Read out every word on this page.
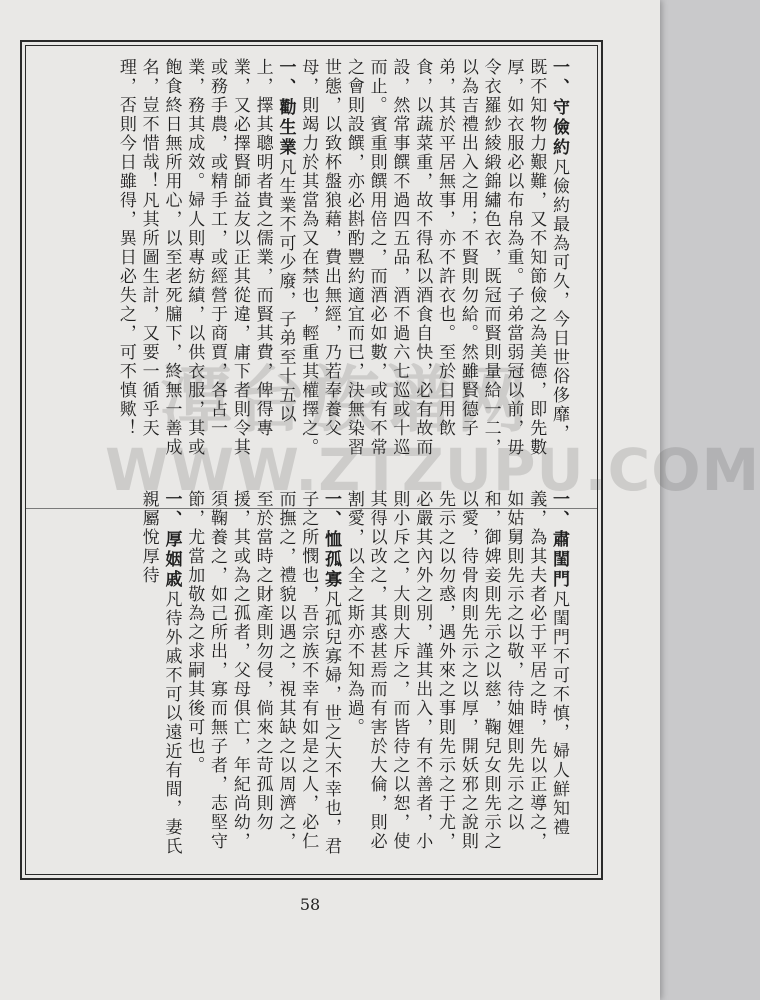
一、守儉約凡儉約最為可久，今日世俗侈靡，既不知物力艱難，又不知節儉之為美德，即先數厚，如衣服必以布帛為重。子弟當弱冠以前，毋令衣羅紗綾緞錦繡色衣，既冠而賢則量給一二，以為吉禮出入之用；不賢則勿給。然雖賢德子弟，其於平居無事，亦不許衣也。至於日用飲食，以蔬菜重，故不得私以酒食自快，必有故而設，然常事饌不過四五品，酒不過六七巡或十巡而止。賓重則饌用倍之，而酒必如數，或有不常之會則設饌，亦必斟酌豐約適宜而已，決無染習世態，以致杯盤狼藉，費出無經，乃若奉養父母，則竭力於其當為又在禁也，輕重其權擇之。
一、勸生業凡生業不可少廢，子弟至十五以上，擇其聰明者貴之儒業，而賢其費，俾得專業，又必擇賢師益友以正其從違，庸下者則令其或務手農，或精手工，或經營于商賈，各占一業，務其成效。婦人則專紡績，以供衣服，其或飽食終日無所用心，以至老死牖下，終無一善成名，豈不惜哉！凡其所圖生計，又要一循乎天理，否則今日雖得，異日必失之，可不慎歟！
一、肅閨門凡閨門不可不慎，婦人鮮知禮義，為其夫者必于平居之時，先以正導之，如姑舅則先示之以敬，待妯娌則先示之以和，御婢妾則先示之以慈，鞠兒女則先示之以愛，待骨肉則先示之以厚，開妖邪之說則先示之以勿惑，遇外來之事則先示之于尤，必嚴其內外之別，謹其出入，有不善者，小則小斥之，大則大斥之，而皆待之以恕，使其得以改之，其惑甚焉而有害於大倫，則必割愛，以全之斯亦不知為過。
一、恤孤寡凡孤兒寡婦，世之大不幸也，君子之所憫也，吾宗族不幸有如是之人，必仁而撫之，禮貌以遇之，視其缺之以周濟之，至於當時之財產則勿侵，倘來之苛孤則勿援，其或為之孤者，父母俱亡，年紀尚幼，須鞠養之，如己所出，寡而無子者，志堅守節，尤當加敬為之求嗣其後可也。
一、厚姻戚凡待外戚不可以遠近有間，妻氏親屬悅厚待
潭台族谱网
WWW.ZTZUPU.COM
58
